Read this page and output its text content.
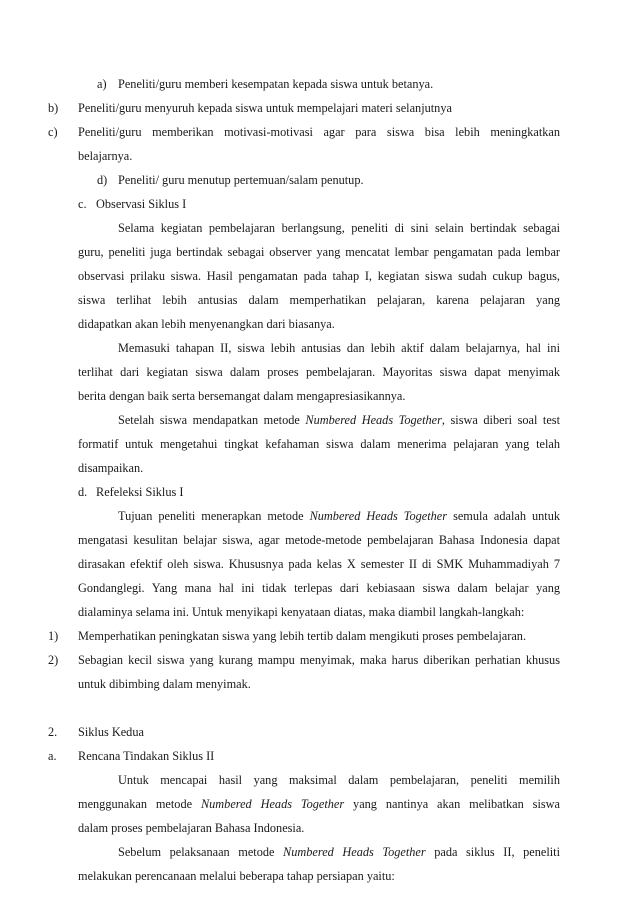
a) Peneliti/guru memberi kesempatan kepada siswa untuk betanya.
b) Peneliti/guru menyuruh kepada siswa untuk mempelajari materi selanjutnya
c) Peneliti/guru memberikan motivasi-motivasi agar para siswa bisa lebih meningkatkan
belajarnya.
d) Peneliti/ guru menutup pertemuan/salam penutup.
c. Observasi Siklus I
Selama kegiatan pembelajaran berlangsung, peneliti di sini selain bertindak sebagai
guru, peneliti juga bertindak sebagai observer yang mencatat lembar pengamatan pada lembar
observasi prilaku siswa. Hasil pengamatan pada tahap I, kegiatan siswa sudah cukup bagus,
siswa terlihat lebih antusias dalam memperhatikan pelajaran, karena pelajaran yang
didapatkan akan lebih menyenangkan dari biasanya.
Memasuki tahapan II, siswa lebih antusias dan lebih aktif dalam belajarnya, hal ini
terlihat dari kegiatan siswa dalam proses pembelajaran. Mayoritas siswa dapat menyimak
berita dengan baik serta bersemangat dalam mengapresiasikannya.
Setelah siswa mendapatkan metode Numbered Heads Together, siswa diberi soal test
formatif untuk mengetahui tingkat kefahaman siswa dalam menerima pelajaran yang telah
disampaikan.
d. Refeleksi Siklus I
Tujuan peneliti menerapkan metode Numbered Heads Together semula adalah untuk
mengatasi kesulitan belajar siswa, agar metode-metode pembelajaran Bahasa Indonesia dapat
dirasakan efektif oleh siswa. Khususnya pada kelas X semester II di SMK Muhammadiyah 7
Gondanglegi. Yang mana hal ini tidak terlepas dari kebiasaan siswa dalam belajar yang
dialaminya selama ini. Untuk menyikapi kenyataan diatas, maka diambil langkah-langkah:
1) Memperhatikan peningkatan siswa yang lebih tertib dalam mengikuti proses pembelajaran.
2) Sebagian kecil siswa yang kurang mampu menyimak, maka harus diberikan perhatian khusus
untuk dibimbing dalam menyimak.
2. Siklus Kedua
a. Rencana Tindakan Siklus II
Untuk mencapai hasil yang maksimal dalam pembelajaran, peneliti memilih
menggunakan metode Numbered Heads Together yang nantinya akan melibatkan siswa
dalam proses pembelajaran Bahasa Indonesia.
Sebelum pelaksanaan metode Numbered Heads Together pada siklus II, peneliti
melakukan perencanaan melalui beberapa tahap persiapan yaitu:
